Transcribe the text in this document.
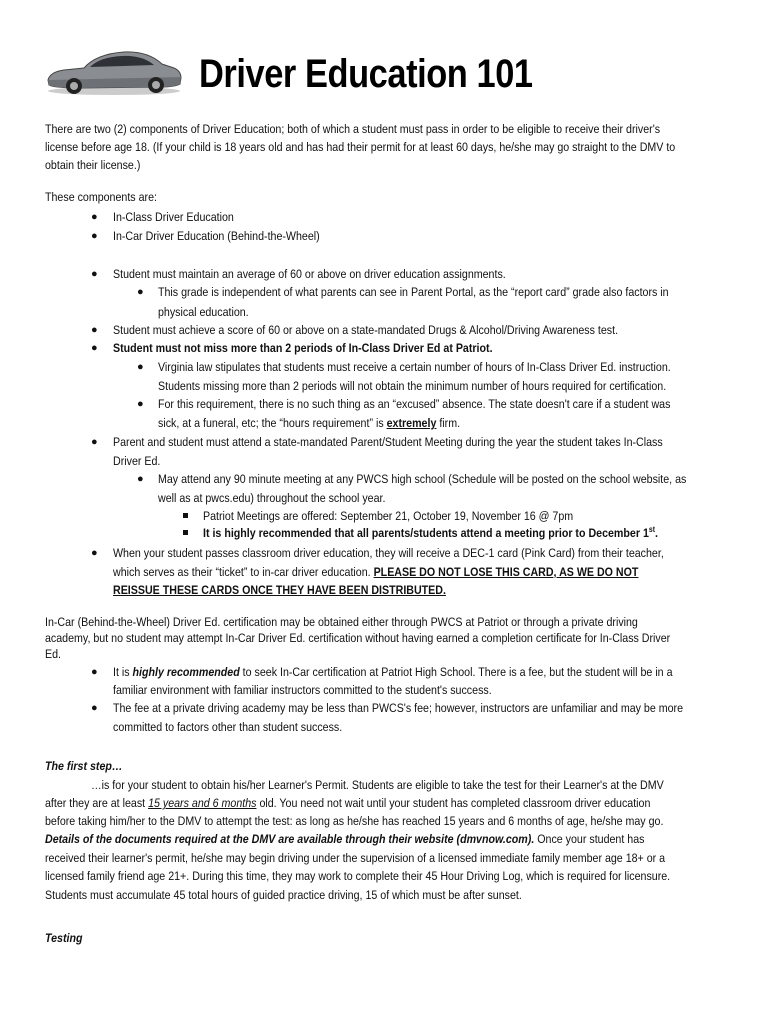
Driver Education 101
There are two (2) components of Driver Education; both of which a student must pass in order to be eligible to receive their driver's
license before age 18. (If your child is 18 years old and has had their permit for at least 60 days, he/she may go straight to the DMV to
obtain their license.)
These components are:
● In-Class Driver Education
● In-Car Driver Education (Behind-the-Wheel)
● Student must maintain an average of 60 or above on driver education assignments.
● This grade is independent of what parents can see in Parent Portal, as the “report card” grade also factors in
physical education.
● Student must achieve a score of 60 or above on a state-mandated Drugs & Alcohol/Driving Awareness test.
● Student must not miss more than 2 periods of In-Class Driver Ed at Patriot.
● Virginia law stipulates that students must receive a certain number of hours of In-Class Driver Ed. instruction.
Students missing more than 2 periods will not obtain the minimum number of hours required for certification.
● For this requirement, there is no such thing as an “excused” absence. The state doesn't care if a student was
sick, at a funeral, etc; the “hours requirement” is extremely firm.
● Parent and student must attend a state-mandated Parent/Student Meeting during the year the student takes In-Class
Driver Ed.
● May attend any 90 minute meeting at any PWCS high school (Schedule will be posted on the school website, as
well as at pwcs.edu) throughout the school year.
Patriot Meetings are offered: September 21, October 19, November 16 @ 7pm
It is highly recommended that all parents/students attend a meeting prior to December 1st.
● When your student passes classroom driver education, they will receive a DEC-1 card (Pink Card) from their teacher,
which serves as their “ticket” to in-car driver education. PLEASE DO NOT LOSE THIS CARD, AS WE DO NOT
REISSUE THESE CARDS ONCE THEY HAVE BEEN DISTRIBUTED.
In-Car (Behind-the-Wheel) Driver Ed. certification may be obtained either through PWCS at Patriot or through a private driving
academy, but no student may attempt In-Car Driver Ed. certification without having earned a completion certificate for In-Class Driver
Ed.
● It is highly recommended to seek In-Car certification at Patriot High School. There is a fee, but the student will be in a
familiar environment with familiar instructors committed to the student's success.
● The fee at a private driving academy may be less than PWCS's fee; however, instructors are unfamiliar and may be more
committed to factors other than student success.
The first step…
…is for your student to obtain his/her Learner's Permit. Students are eligible to take the test for their Learner's at the DMV
after they are at least 15 years and 6 months old. You need not wait until your student has completed classroom driver education
before taking him/her to the DMV to attempt the test: as long as he/she has reached 15 years and 6 months of age, he/she may go.
Details of the documents required at the DMV are available through their website (dmvnow.com). Once your student has
received their learner's permit, he/she may begin driving under the supervision of a licensed immediate family member age 18+ or a
licensed family friend age 21+. During this time, they may work to complete their 45 Hour Driving Log, which is required for licensure.
Students must accumulate 45 total hours of guided practice driving, 15 of which must be after sunset.
Testing
